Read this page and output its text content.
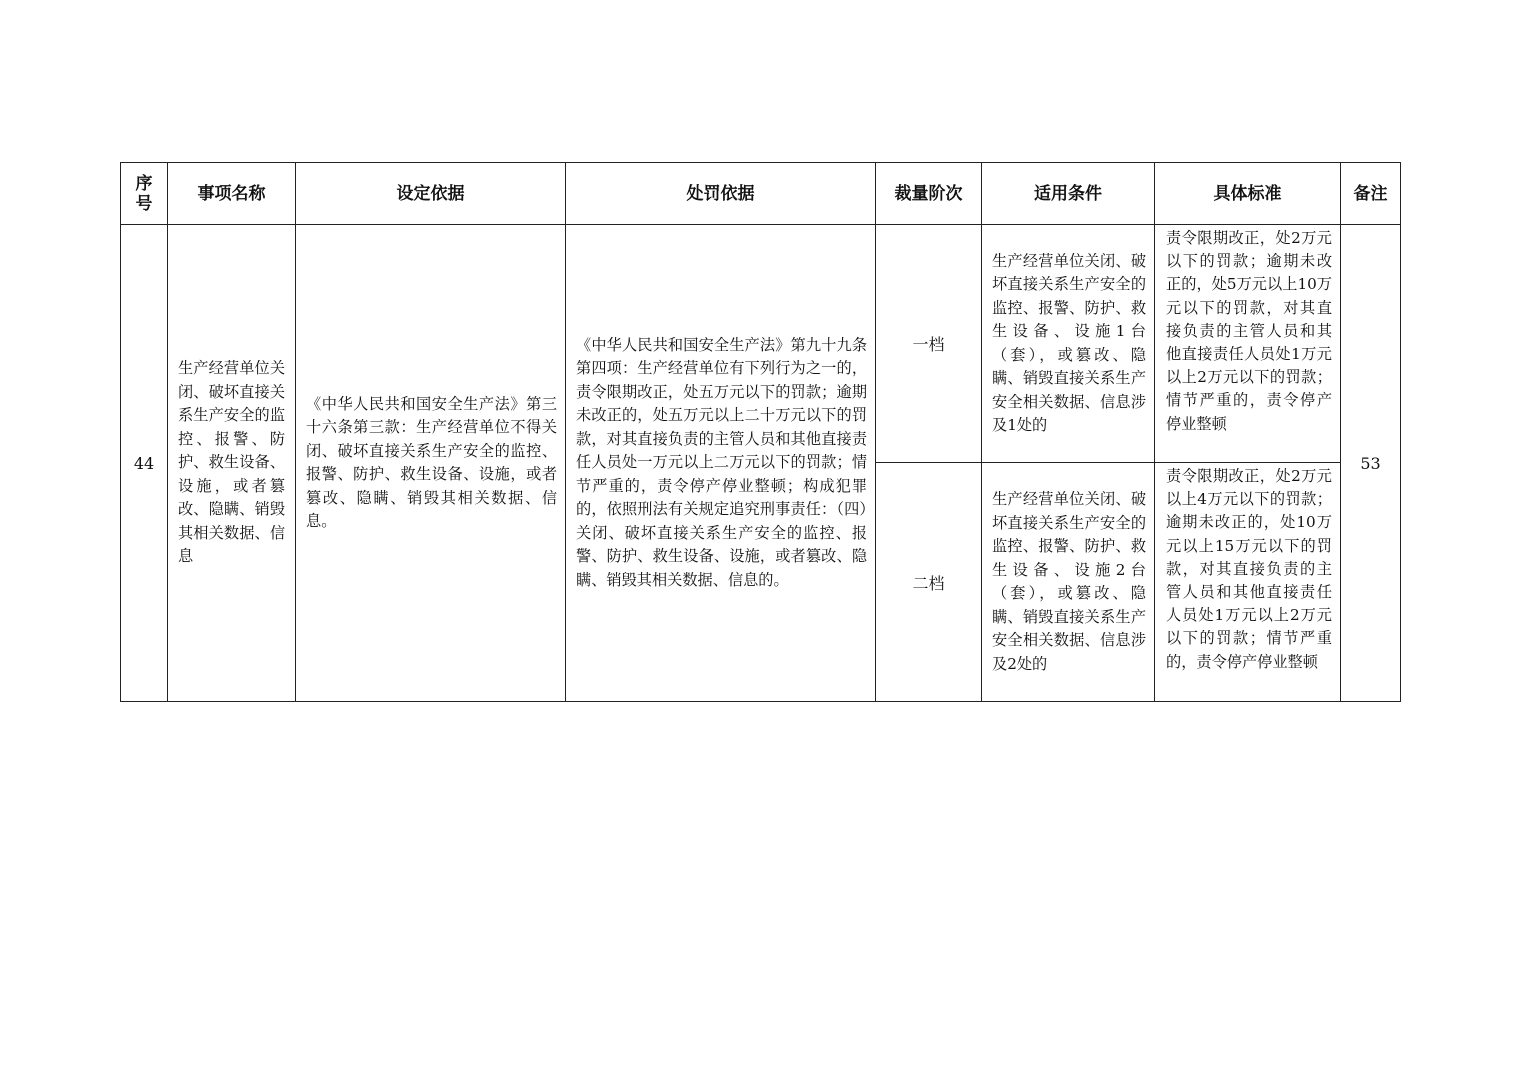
序号	事项名称	设定依据	处罚依据	裁量阶次	适用条件	具体标准	备注
44	生产经营单位关闭、破坏直接关系生产安全的监控、报警、防护、救生设备、设施，或者篡改、隐瞒、销毁其相关数据、信息	《中华人民共和国安全生产法》第三十六条第三款：生产经营单位不得关闭、破坏直接关系生产安全的监控、报警、防护、救生设备、设施，或者篡改、隐瞒、销毁其相关数据、信息。	《中华人民共和国安全生产法》第九十九条第四项：生产经营单位有下列行为之一的，责令限期改正，处五万元以下的罚款；逾期未改正的，处五万元以上二十万元以下的罚款，对其直接负责的主管人员和其他直接责任人员处一万元以上二万元以下的罚款；情节严重的，责令停产停业整顿；构成犯罪的，依照刑法有关规定追究刑事责任：（四）关闭、破坏直接关系生产安全的监控、报警、防护、救生设备、设施，或者篡改、隐瞒、销毁其相关数据、信息的。	一档	生产经营单位关闭、破坏直接关系生产安全的监控、报警、防护、救生设备、设施1台（套），或篡改、隐瞒、销毁直接关系生产安全相关数据、信息涉及1处的	责令限期改正，处2万元以下的罚款；逾期未改正的，处5万元以上10万元以下的罚款，对其直接负责的主管人员和其他直接责任人员处1万元以上2万元以下的罚款；情节严重的，责令停产停业整顿	53
				二档	生产经营单位关闭、破坏直接关系生产安全的监控、报警、防护、救生设备、设施2台（套），或篡改、隐瞒、销毁直接关系生产安全相关数据、信息涉及2处的	责令限期改正，处2万元以上4万元以下的罚款；逾期未改正的，处10万元以上15万元以下的罚款，对其直接负责的主管人员和其他直接责任人员处1万元以上2万元以下的罚款；情节严重的，责令停产停业整顿	
